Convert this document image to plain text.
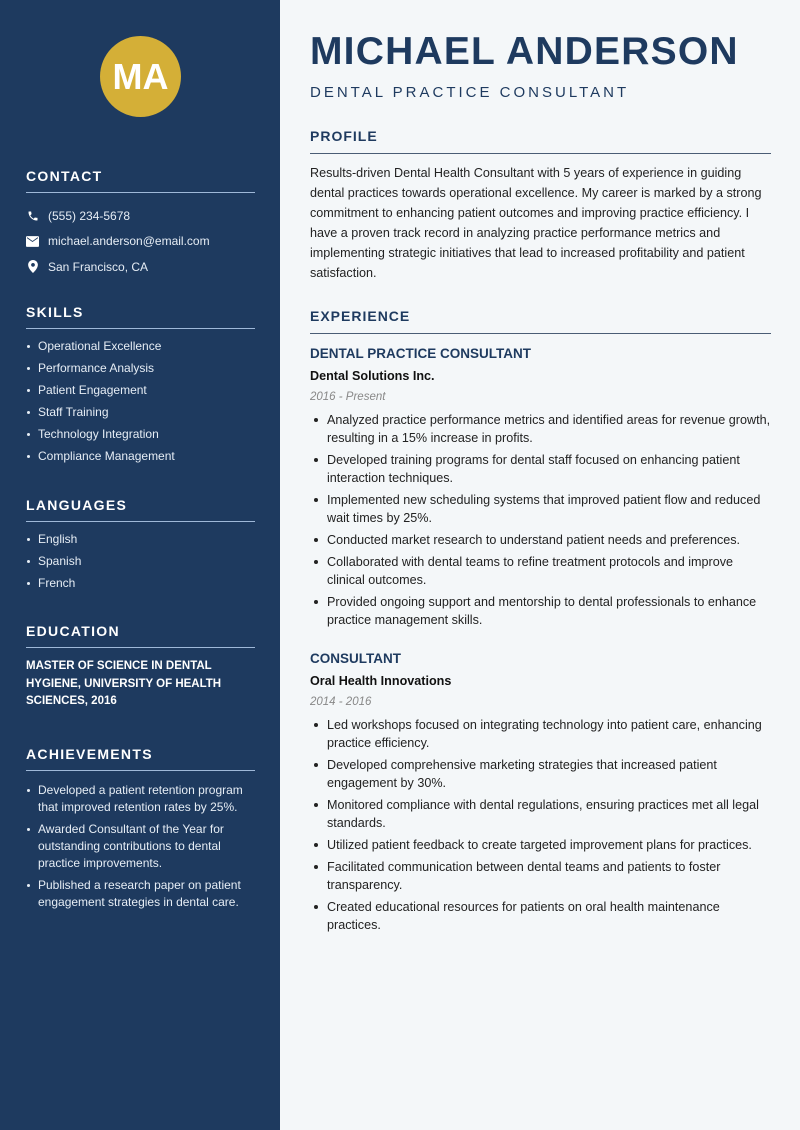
MA
CONTACT
(555) 234-5678
michael.anderson@email.com
San Francisco, CA
SKILLS
Operational Excellence
Performance Analysis
Patient Engagement
Staff Training
Technology Integration
Compliance Management
LANGUAGES
English
Spanish
French
EDUCATION

MASTER OF SCIENCE IN DENTAL HYGIENE, UNIVERSITY OF HEALTH SCIENCES, 2016

ACHIEVEMENTS
Developed a patient retention program that improved retention rates by 25%.
Awarded Consultant of the Year for outstanding contributions to dental practice improvements.
Published a research paper on patient engagement strategies in dental care.
MICHAEL ANDERSON
DENTAL PRACTICE CONSULTANT
PROFILE

Results-driven Dental Health Consultant with 5 years of experience in guiding dental practices towards operational excellence. My career is marked by a strong commitment to enhancing patient outcomes and improving practice efficiency. I have a proven track record in analyzing practice performance metrics and implementing strategic initiatives that lead to increased profitability and patient satisfaction.

EXPERIENCE
DENTAL PRACTICE CONSULTANT
Dental Solutions Inc.
2016 - Present
Analyzed practice performance metrics and identified areas for revenue growth, resulting in a 15% increase in profits.
Developed training programs for dental staff focused on enhancing patient interaction techniques.
Implemented new scheduling systems that improved patient flow and reduced wait times by 25%.
Conducted market research to understand patient needs and preferences.
Collaborated with dental teams to refine treatment protocols and improve clinical outcomes.
Provided ongoing support and mentorship to dental professionals to enhance practice management skills.
CONSULTANT
Oral Health Innovations
2014 - 2016
Led workshops focused on integrating technology into patient care, enhancing practice efficiency.
Developed comprehensive marketing strategies that increased patient engagement by 30%.
Monitored compliance with dental regulations, ensuring practices met all legal standards.
Utilized patient feedback to create targeted improvement plans for practices.
Facilitated communication between dental teams and patients to foster transparency.
Created educational resources for patients on oral health maintenance practices.
